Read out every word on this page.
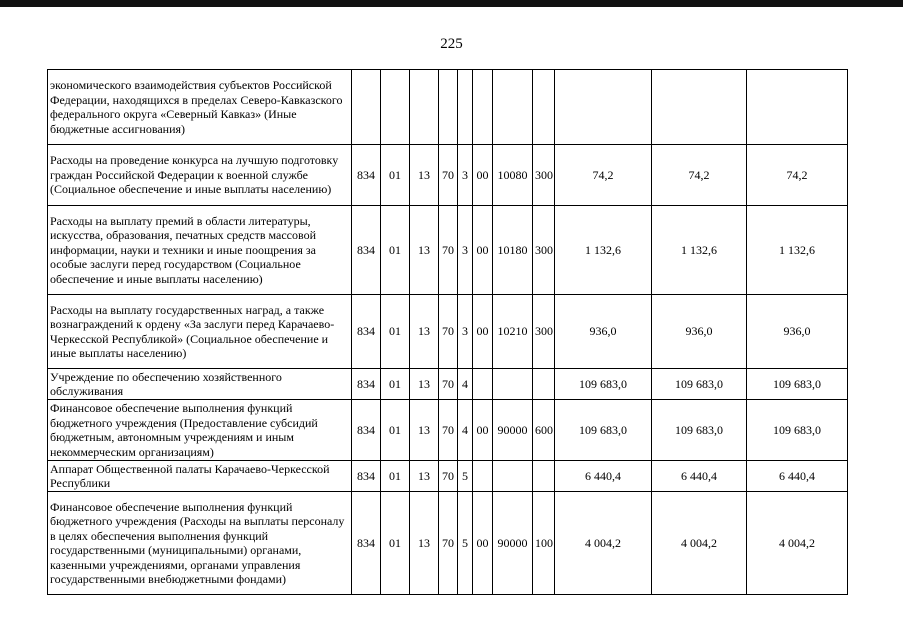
225
экономического взаимодействия субъектов Российской Федерации, находящихся в пределах Северо-Кавказского федерального округа «Северный Кавказ» (Иные бюджетные ассигнования)											
Расходы на проведение конкурса на лучшую подготовку граждан Российской Федерации к военной службе (Социальное обеспечение и иные выплаты населению)	834	01	13	70	3	00	10080	300	74,2	74,2	74,2
Расходы на выплату премий в области литературы, искусства, образования, печатных средств массовой информации, науки и техники и иные поощрения за особые заслуги перед государством (Социальное обеспечение и иные выплаты населению)	834	01	13	70	3	00	10180	300	1 132,6	1 132,6	1 132,6
Расходы на выплату государственных наград, а также вознаграждений к ордену «За заслуги перед Карачаево-Черкесской Республикой» (Социальное обеспечение и иные выплаты населению)	834	01	13	70	3	00	10210	300	936,0	936,0	936,0
Учреждение по обеспечению хозяйственного обслуживания	834	01	13	70	4				109 683,0	109 683,0	109 683,0
Финансовое обеспечение выполнения функций бюджетного учреждения (Предоставление субсидий бюджетным, автономным учреждениям и иным некоммерческим организациям)	834	01	13	70	4	00	90000	600	109 683,0	109 683,0	109 683,0
Аппарат Общественной палаты Карачаево-Черкесской Республики	834	01	13	70	5				6 440,4	6 440,4	6 440,4
Финансовое обеспечение выполнения функций бюджетного учреждения (Расходы на выплаты персоналу в целях обеспечения выполнения функций государственными (муниципальными) органами, казенными учреждениями, органами управления государственными внебюджетными фондами)	834	01	13	70	5	00	90000	100	4 004,2	4 004,2	4 004,2
